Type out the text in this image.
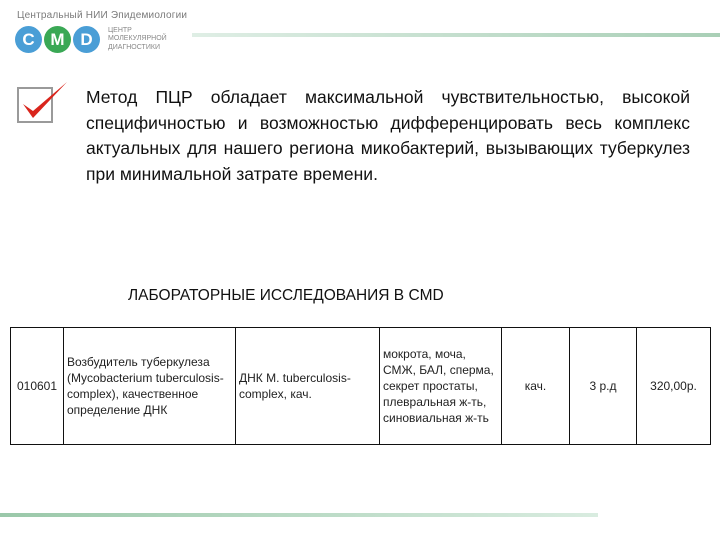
Центральный НИИ Эпидемиологии
C M D	ЦЕНТР МОЛЕКУЛЯРНОЙ ДИАГНОСТИКИ
Метод ПЦР обладает максимальной чувствительностью, высокой специфичностью и возможностью дифференцировать весь комплекс актуальных для нашего региона микобактерий, вызывающих туберкулез при минимальной затрате времени.
ЛАБОРАТОРНЫЕ ИССЛЕДОВАНИЯ В CMD
010601	Возбудитель туберкулеза (Mycobacterium tuberculosis-complex), качественное определение ДНК	ДНК M. tuberculosis-complex, кач.	мокрота, моча,
СМЖ, БАЛ, сперма,
секрет простаты,
плевральная ж-ть,
синовиальная ж-ть	кач.	3 р.д	320,00р.
